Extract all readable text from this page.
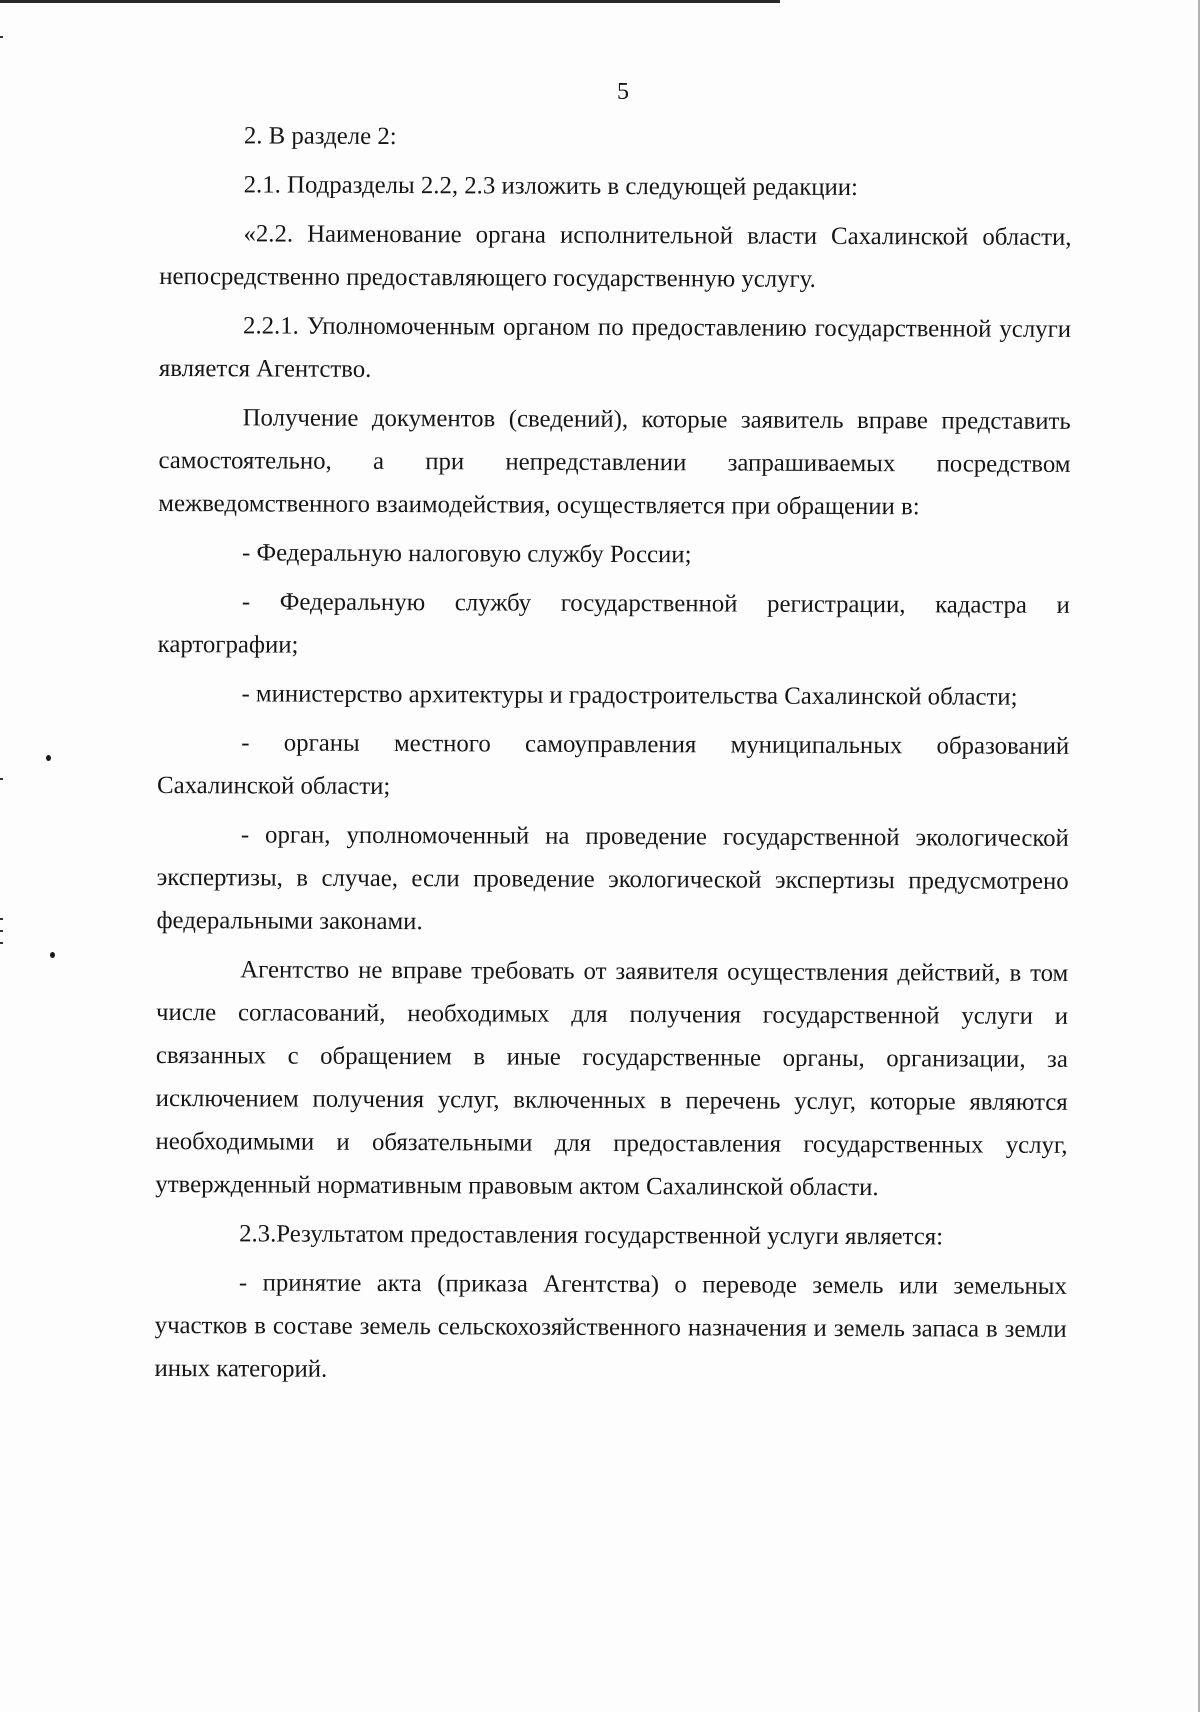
5

2. В разделе 2:

2.1. Подразделы 2.2, 2.3 изложить в следующей редакции:

«2.2. Наименование органа исполнительной власти Сахалинской области, непосредственно предоставляющего государственную услугу.

2.2.1. Уполномоченным органом по предоставлению государственной услуги является Агентство.

Получение документов (сведений), которые заявитель вправе представить самостоятельно, а при непредставлении запрашиваемых посредством межведомственного взаимодействия, осуществляется при обращении в:

- Федеральную налоговую службу России;

- Федеральную службу государственной регистрации, кадастра и картографии;

- министерство архитектуры и градостроительства Сахалинской области;

- органы местного самоуправления муниципальных образований Сахалинской области;

- орган, уполномоченный на проведение государственной экологической экспертизы, в случае, если проведение экологической экспертизы предусмотрено федеральными законами.

Агентство не вправе требовать от заявителя осуществления действий, в том числе согласований, необходимых для получения государственной услуги и связанных с обращением в иные государственные органы, организации, за исключением получения услуг, включенных в перечень услуг, которые являются необходимыми и обязательными для предоставления государственных услуг, утвержденный нормативным правовым актом Сахалинской области.

2.3.Результатом предоставления государственной услуги является:

- принятие акта (приказа Агентства) о переводе земель или земельных участков в составе земель сельскохозяйственного назначения и земель запаса в земли иных категорий.
